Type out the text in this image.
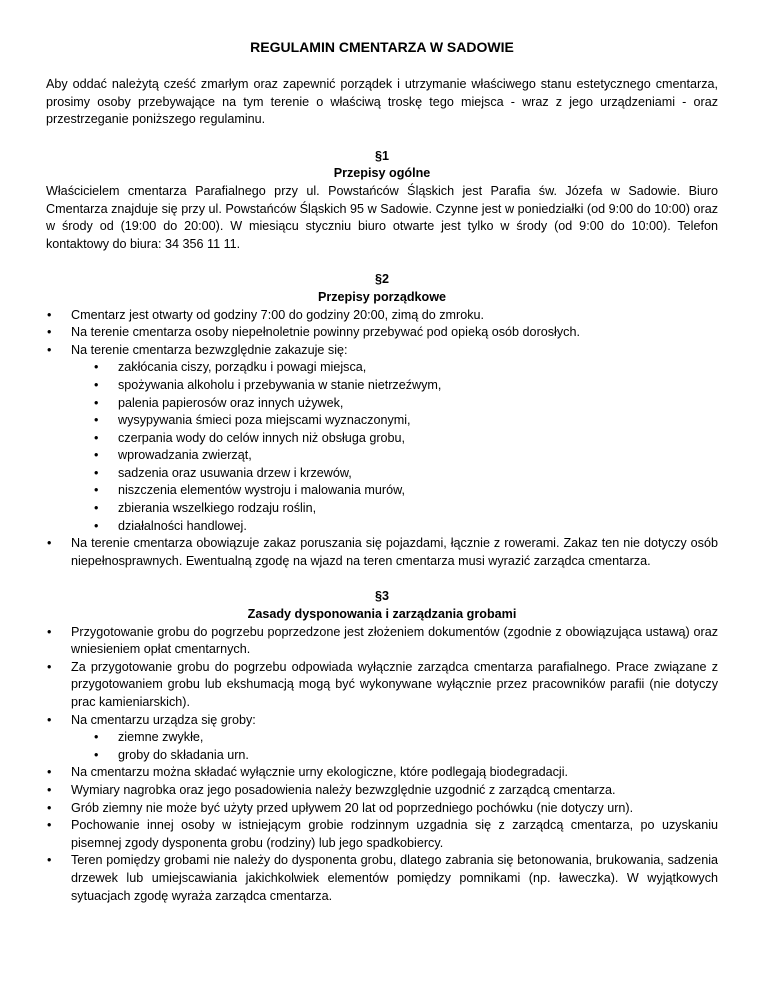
REGULAMIN CMENTARZA W SADOWIE

Aby oddać należytą cześć zmarłym oraz zapewnić porządek i utrzymanie właściwego stanu estetycznego cmentarza, prosimy osoby przebywające na tym terenie o właściwą troskę tego miejsca - wraz z jego urządzeniami - oraz przestrzeganie poniższego regulaminu.

§1
Przepisy ogólne

Właścicielem cmentarza Parafialnego przy ul. Powstańców Śląskich jest Parafia św. Józefa w Sadowie. Biuro Cmentarza znajduje się przy ul. Powstańców Śląskich 95 w Sadowie. Czynne jest w poniedziałki (od 9:00 do 10:00) oraz w środy od (19:00 do 20:00). W miesiącu styczniu biuro otwarte jest tylko w środy (od 9:00 do 10:00). Telefon kontaktowy do biura: 34 356 11 11.

§2
Przepisy porządkowe
• Cmentarz jest otwarty od godziny 7:00 do godziny 20:00, zimą do zmroku.
• Na terenie cmentarza osoby niepełnoletnie powinny przebywać pod opieką osób dorosłych.
• Na terenie cmentarza bezwzględnie zakazuje się:
• zakłócania ciszy, porządku i powagi miejsca,
• spożywania alkoholu i przebywania w stanie nietrzeźwym,
• palenia papierosów oraz innych używek,
• wysypywania śmieci poza miejscami wyznaczonymi,
• czerpania wody do celów innych niż obsługa grobu,
• wprowadzania zwierząt,
• sadzenia oraz usuwania drzew i krzewów,
• niszczenia elementów wystroju i malowania murów,
• zbierania wszelkiego rodzaju roślin,
• działalności handlowej.
• Na terenie cmentarza obowiązuje zakaz poruszania się pojazdami, łącznie z rowerami. Zakaz ten nie dotyczy osób niepełnosprawnych. Ewentualną zgodę na wjazd na teren cmentarza musi wyrazić zarządca cmentarza.
§3
Zasady dysponowania i zarządzania grobami
• Przygotowanie grobu do pogrzebu poprzedzone jest złożeniem dokumentów (zgodnie z obowiązująca ustawą) oraz wniesieniem opłat cmentarnych.
• Za przygotowanie grobu do pogrzebu odpowiada wyłącznie zarządca cmentarza parafialnego. Prace związane z przygotowaniem grobu lub ekshumacją mogą być wykonywane wyłącznie przez pracowników parafii (nie dotyczy prac kamieniarskich).
• Na cmentarzu urządza się groby:
• ziemne zwykłe,
• groby do składania urn.
• Na cmentarzu można składać wyłącznie urny ekologiczne, które podlegają biodegradacji.
• Wymiary nagrobka oraz jego posadowienia należy bezwzględnie uzgodnić z zarządcą cmentarza.
• Grób ziemny nie może być użyty przed upływem 20 lat od poprzedniego pochówku (nie dotyczy urn).
• Pochowanie innej osoby w istniejącym grobie rodzinnym uzgadnia się z zarządcą cmentarza, po uzyskaniu pisemnej zgody dysponenta grobu (rodziny) lub jego spadkobiercy.
• Teren pomiędzy grobami nie należy do dysponenta grobu, dlatego zabrania się betonowania, brukowania, sadzenia drzewek lub umiejscawiania jakichkolwiek elementów pomiędzy pomnikami (np. ławeczka). W wyjątkowych sytuacjach zgodę wyraża zarządca cmentarza.
